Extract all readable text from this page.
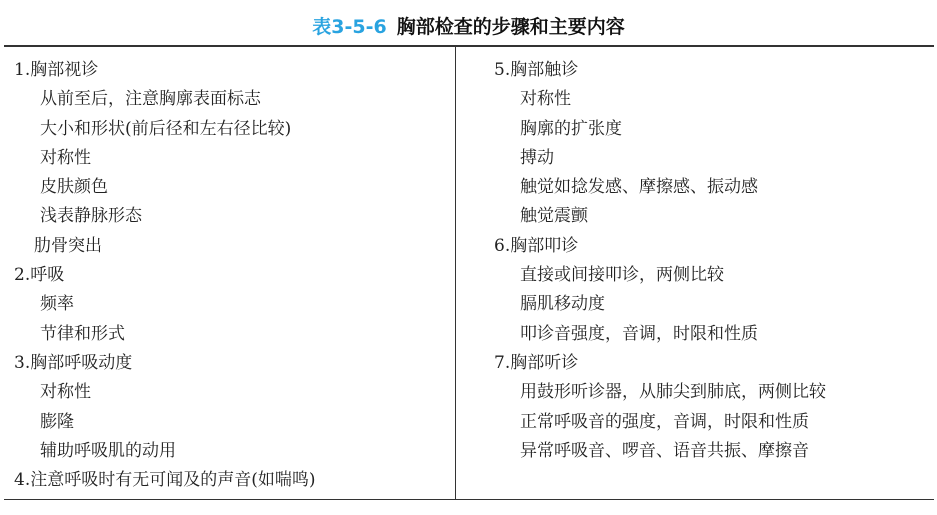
表3-5-6 胸部检查的步骤和主要内容
1.胸部视诊
从前至后，注意胸廓表面标志
大小和形状(前后径和左右径比较)
对称性
皮肤颜色
浅表静脉形态
肋骨突出
2.呼吸
频率
节律和形式
3.胸部呼吸动度
对称性
膨隆
辅助呼吸肌的动用
4.注意呼吸时有无可闻及的声音(如喘鸣)
5.胸部触诊
对称性
胸廓的扩张度
搏动
触觉如捻发感、摩擦感、振动感
触觉震颤
6.胸部叩诊
直接或间接叩诊，两侧比较
膈肌移动度
叩诊音强度，音调，时限和性质
7.胸部听诊
用鼓形听诊器，从肺尖到肺底，两侧比较
正常呼吸音的强度，音调，时限和性质
异常呼吸音、啰音、语音共振、摩擦音
